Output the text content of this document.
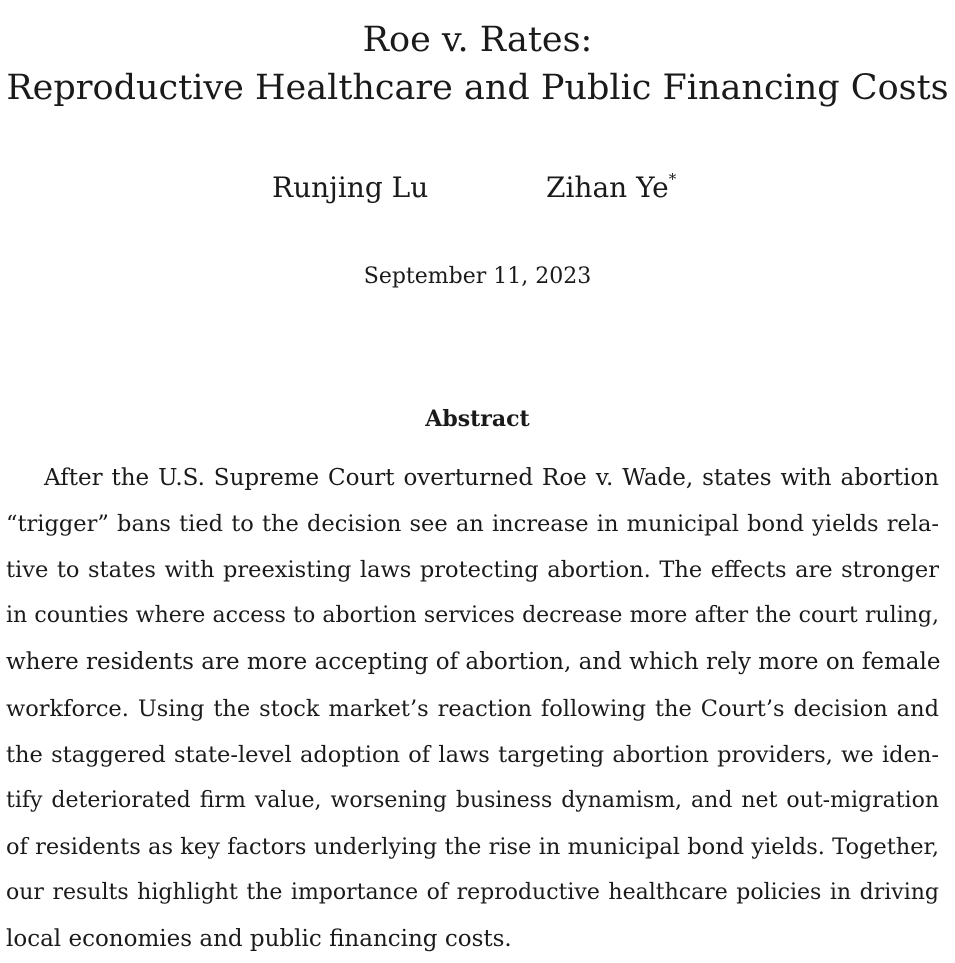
Roe v. Rates:
Reproductive Healthcare and Public Financing Costs
Runjing Lu	Zihan Ye*
September 11, 2023
Abstract
After the U.S. Supreme Court overturned Roe v. Wade, states with abortion
“trigger” bans tied to the decision see an increase in municipal bond yields rela-
tive to states with preexisting laws protecting abortion. The effects are stronger
in counties where access to abortion services decrease more after the court ruling,
where residents are more accepting of abortion, and which rely more on female
workforce. Using the stock market’s reaction following the Court’s decision and
the staggered state-level adoption of laws targeting abortion providers, we iden-
tify deteriorated firm value, worsening business dynamism, and net out-migration
of residents as key factors underlying the rise in municipal bond yields. Together,
our results highlight the importance of reproductive healthcare policies in driving
local economies and public financing costs.
